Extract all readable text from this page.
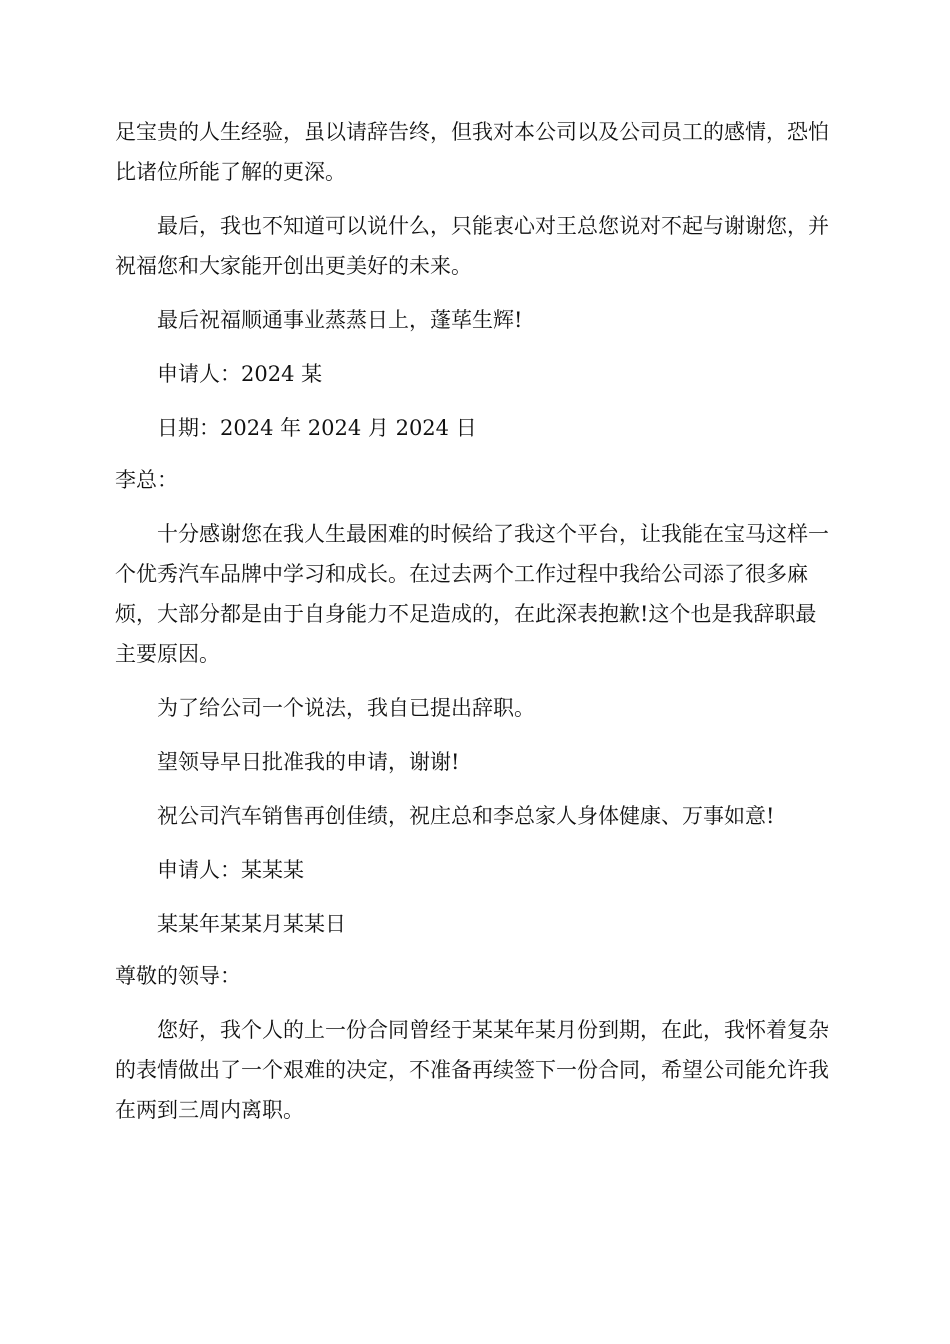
足宝贵的人生经验，虽以请辞告终，但我对本公司以及公司员工的感情，恐怕比诸位所能了解的更深。

最后，我也不知道可以说什么，只能衷心对王总您说对不起与谢谢您，并祝福您和大家能开创出更美好的未来。

最后祝福顺通事业蒸蒸日上，蓬荜生辉!

申请人：2024 某

日期：2024 年 2024 月 2024 日

李总：

十分感谢您在我人生最困难的时候给了我这个平台，让我能在宝马这样一个优秀汽车品牌中学习和成长。在过去两个工作过程中我给公司添了很多麻烦，大部分都是由于自身能力不足造成的，在此深表抱歉!这个也是我辞职最主要原因。

为了给公司一个说法，我自已提出辞职。

望领导早日批准我的申请，谢谢!

祝公司汽车销售再创佳绩，祝庄总和李总家人身体健康、万事如意!

申请人：某某某

某某年某某月某某日

尊敬的领导：

您好，我个人的上一份合同曾经于某某年某月份到期，在此，我怀着复杂的表情做出了一个艰难的决定，不准备再续签下一份合同，希望公司能允许我在两到三周内离职。
